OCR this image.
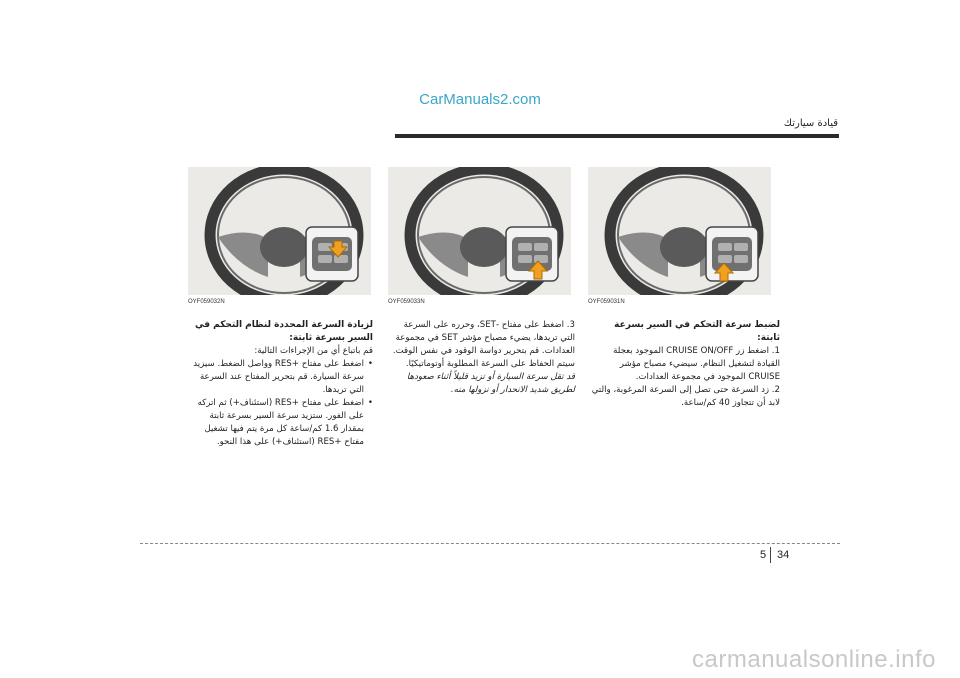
CarManuals2.com
قيادة سيارتك
OYF059032N	OYF059033N	OYF059031N
لضبط سرعة التحكم في السير بسرعة ثابتة:

1. اضغط زر CRUISE ON/OFF الموجود بعجلة القيادة لتشغيل النظام. سيضيء مصباح مؤشر CRUISE الموجود في مجموعة العدادات.

2. زد السرعة حتى تصل إلى السرعة المرغوبة، والتي لابد أن تتجاوز 40 كم/ساعة.

3. اضغط على مفتاح -SET، وحرره على السرعة التي تريدها، يضيء مصباح مؤشر SET في مجموعة العدادات. قم بتحرير دواسة الوقود في نفس الوقت. سيتم الحفاظ على السرعة المطلوبة أوتوماتيكيًا.

قد تقل سرعة السيارة أو تزيد قليلاً أثناء صعودها لطريق شديد الانحدار أو نزولها منه.

لزيادة السرعة المحددة لنظام التحكم في السير بسرعة ثابتة:

قم باتباع أي من الإجراءات التالية:

• اضغط على مفتاح +RES وواصل الضغط. سيزيد سرعة السيارة. قم بتحرير المفتاح عند السرعة التي تريدها.
• اضغط على مفتاح +RES (استئناف+) ثم اتركه على الفور. ستزيد سرعة السير بسرعة ثابتة بمقدار 1.6 كم/ساعة كل مرة يتم فيها تشغيل مفتاح +RES (استئناف+) على هذا النحو.
5 34
carmanualsonline.info
